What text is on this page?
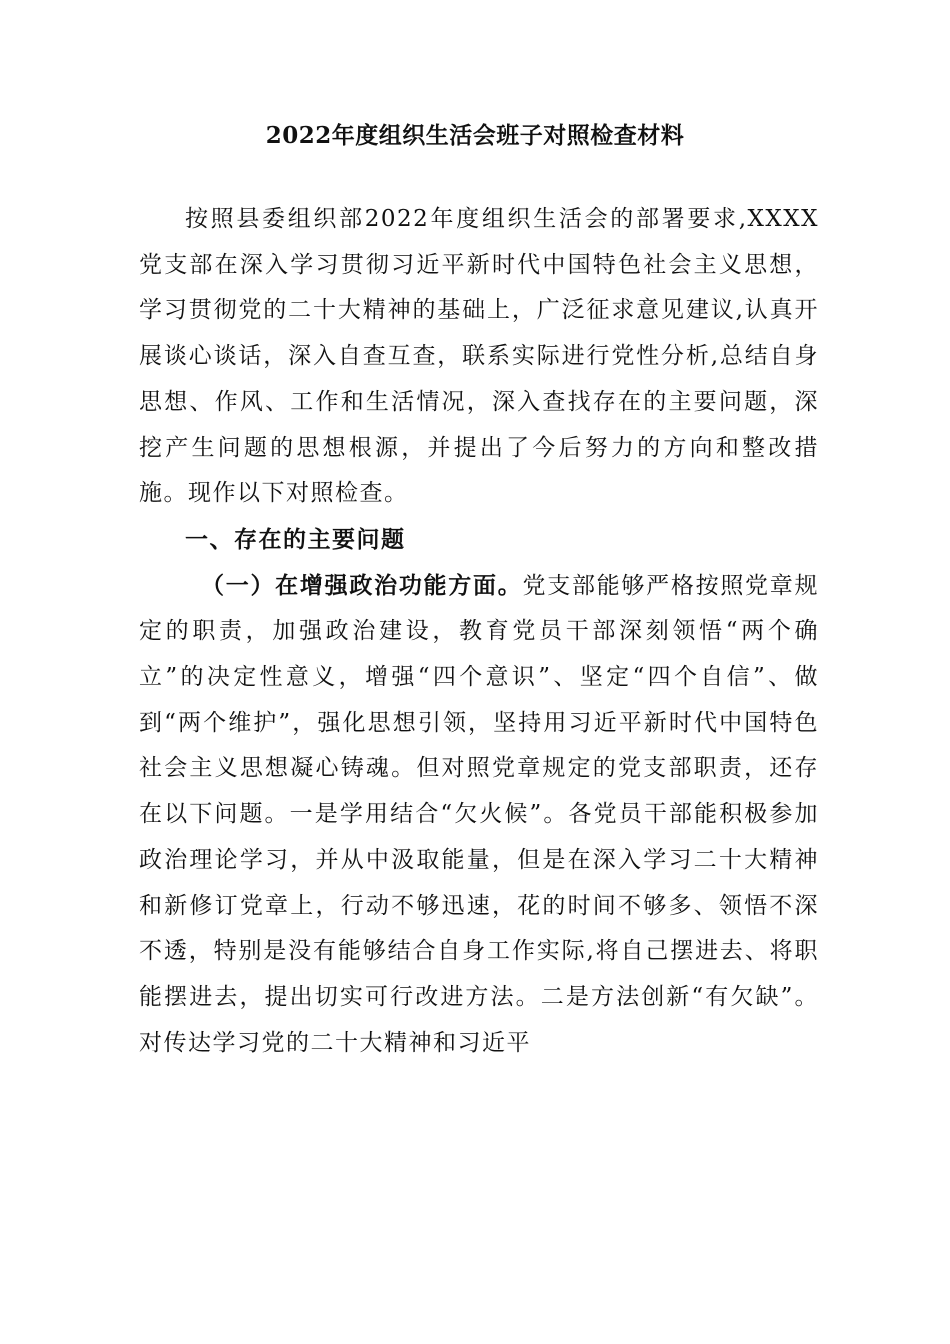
2022年度组织生活会班子对照检查材料

按照县委组织部2022年度组织生活会的部署要求,XXXX党支部在深入学习贯彻习近平新时代中国特色社会主义思想，学习贯彻党的二十大精神的基础上，广泛征求意见建议,认真开展谈心谈话，深入自查互查，联系实际进行党性分析,总结自身思想、作风、工作和生活情况，深入查找存在的主要问题，深挖产生问题的思想根源，并提出了今后努力的方向和整改措施。现作以下对照检查。

一、存在的主要问题

（一）在增强政治功能方面。党支部能够严格按照党章规定的职责，加强政治建设，教育党员干部深刻领悟“两个确立”的决定性意义，增强“四个意识”、坚定“四个自信”、做到“两个维护”，强化思想引领，坚持用习近平新时代中国特色社会主义思想凝心铸魂。但对照党章规定的党支部职责，还存在以下问题。一是学用结合“欠火候”。各党员干部能积极参加政治理论学习，并从中汲取能量，但是在深入学习二十大精神和新修订党章上，行动不够迅速，花的时间不够多、领悟不深不透，特别是没有能够结合自身工作实际,将自己摆进去、将职能摆进去，提出切实可行改进方法。二是方法创新“有欠缺”。对传达学习党的二十大精神和习近平
